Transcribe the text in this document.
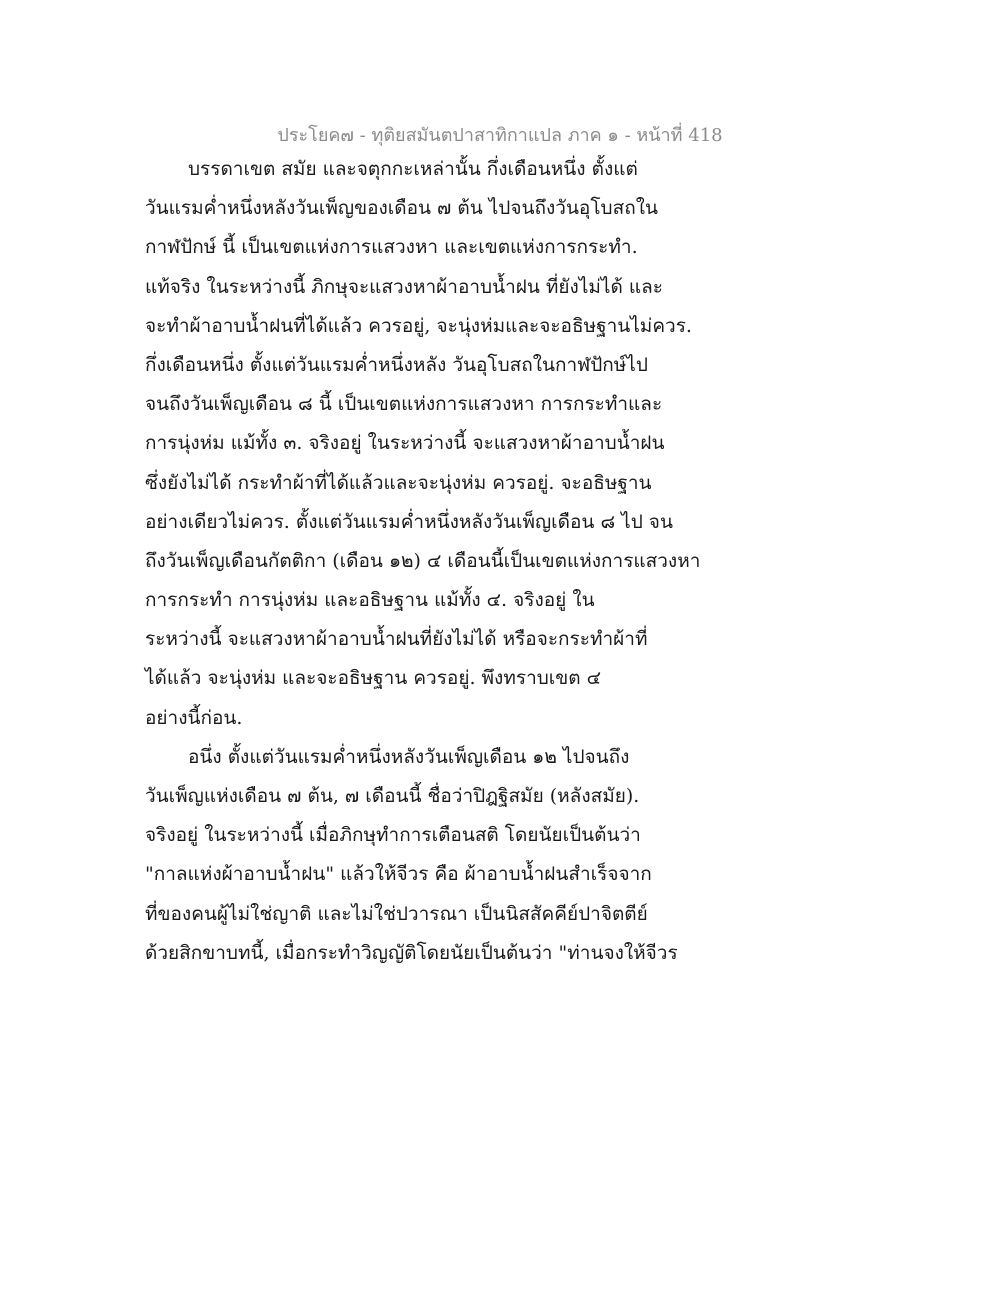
ประโยค๗ - ทุติยสมันตปาสาทิกาแปล ภาค ๑ - หน้าที่ 418
บรรดาเขต สมัย และจตุกกะเหล่านั้น กึ่งเดือนหนึ่ง ตั้งแต่
วันแรมค่ำหนึ่งหลังวันเพ็ญของเดือน ๗ ต้น ไปจนถึงวันอุโบสถใน
กาฬปักษ์ นี้ เป็นเขตแห่งการแสวงหา และเขตแห่งการกระทำ.
แท้จริง ในระหว่างนี้ ภิกษุจะแสวงหาผ้าอาบน้ำฝน ที่ยังไม่ได้ และ
จะทำผ้าอาบน้ำฝนที่ได้แล้ว ควรอยู่, จะนุ่งห่มและจะอธิษฐานไม่ควร.
กึ่งเดือนหนึ่ง ตั้งแต่วันแรมค่ำหนึ่งหลัง วันอุโบสถในกาฬปักษ์ไป
จนถึงวันเพ็ญเดือน ๘ นี้ เป็นเขตแห่งการแสวงหา การกระทำและ
การนุ่งห่ม แม้ทั้ง ๓. จริงอยู่ ในระหว่างนี้ จะแสวงหาผ้าอาบน้ำฝน
ซึ่งยังไม่ได้ กระทำผ้าที่ได้แล้วและจะนุ่งห่ม ควรอยู่. จะอธิษฐาน
อย่างเดียวไม่ควร. ตั้งแต่วันแรมค่ำหนึ่งหลังวันเพ็ญเดือน ๘ ไป จน
ถึงวันเพ็ญเดือนกัตติกา (เดือน ๑๒) ๔ เดือนนี้เป็นเขตแห่งการแสวงหา
การกระทำ การนุ่งห่ม และอธิษฐาน แม้ทั้ง ๔. จริงอยู่ ใน
ระหว่างนี้ จะแสวงหาผ้าอาบน้ำฝนที่ยังไม่ได้ หรือจะกระทำผ้าที่
ได้แล้ว จะนุ่งห่ม และจะอธิษฐาน ควรอยู่. พึงทราบเขต ๔
อย่างนี้ก่อน.
อนึ่ง ตั้งแต่วันแรมค่ำหนึ่งหลังวันเพ็ญเดือน ๑๒ ไปจนถึง
วันเพ็ญแห่งเดือน ๗ ต้น, ๗ เดือนนี้ ชื่อว่าปิฎฐิสมัย (หลังสมัย).
จริงอยู่ ในระหว่างนี้ เมื่อภิกษุทำการเตือนสติ โดยนัยเป็นต้นว่า
"กาลแห่งผ้าอาบน้ำฝน" แล้วให้จีวร คือ ผ้าอาบน้ำฝนสำเร็จจาก
ที่ของคนผู้ไม่ใช่ญาติ และไม่ใช่ปวารณา เป็นนิสสัคคีย์ปาจิตตีย์
ด้วยสิกขาบทนี้, เมื่อกระทำวิญญัติโดยนัยเป็นต้นว่า "ท่านจงให้จีวร
